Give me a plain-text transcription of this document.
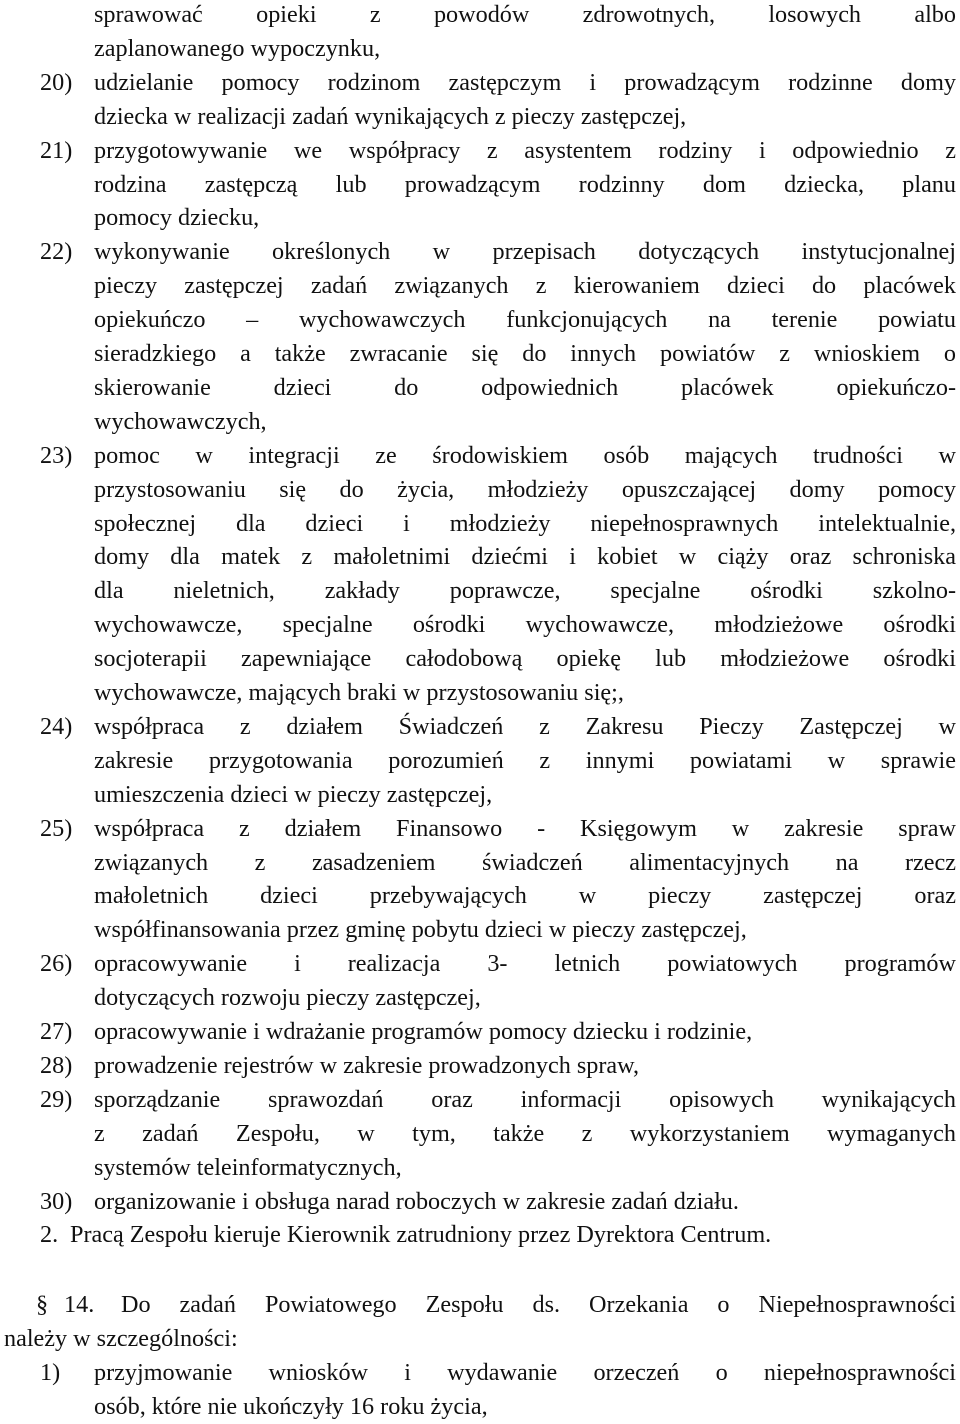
sprawować opieki z powodów zdrowotnych, losowych albo
zaplanowanego wypoczynku,
20) udzielanie pomocy rodzinom zastępczym i prowadzącym rodzinne domy
dziecka w realizacji zadań wynikających z pieczy zastępczej,
21) przygotowywanie we współpracy z asystentem rodziny i odpowiednio z
rodzina zastępczą lub prowadzącym rodzinny dom dziecka, planu
pomocy dziecku,
22) wykonywanie określonych w przepisach dotyczących instytucjonalnej
pieczy zastępczej zadań związanych z kierowaniem dzieci do placówek
opiekuńczo – wychowawczych funkcjonujących na terenie powiatu
sieradzkiego a także zwracanie się do innych powiatów z wnioskiem o
skierowanie dzieci do odpowiednich placówek opiekuńczo-
wychowawczych,
23) pomoc w integracji ze środowiskiem osób mających trudności w
przystosowaniu się do życia, młodzieży opuszczającej domy pomocy
społecznej dla dzieci i młodzieży niepełnosprawnych intelektualnie,
domy dla matek z małoletnimi dziećmi i kobiet w ciąży oraz schroniska
dla nieletnich, zakłady poprawcze, specjalne ośrodki szkolno-
wychowawcze, specjalne ośrodki wychowawcze, młodzieżowe ośrodki
socjoterapii zapewniające całodobową opiekę lub młodzieżowe ośrodki
wychowawcze, mających braki w przystosowaniu się;,
24) współpraca z działem Świadczeń z Zakresu Pieczy Zastępczej w
zakresie przygotowania porozumień z innymi powiatami w sprawie
umieszczenia dzieci w pieczy zastępczej,
25) współpraca z działem Finansowo - Księgowym w zakresie spraw
związanych z zasadzeniem świadczeń alimentacyjnych na rzecz
małoletnich dzieci przebywających w pieczy zastępczej oraz
współfinansowania przez gminę pobytu dzieci w pieczy zastępczej,
26) opracowywanie i realizacja 3- letnich powiatowych programów
dotyczących rozwoju pieczy zastępczej,
27) opracowywanie i wdrażanie programów pomocy dziecku i rodzinie,
28) prowadzenie rejestrów w zakresie prowadzonych spraw,
29) sporządzanie sprawozdań oraz informacji opisowych wynikających
z zadań Zespołu, w tym, także z wykorzystaniem wymaganych
systemów teleinformatycznych,
30) organizowanie i obsługa narad roboczych w zakresie zadań działu.
2. Pracą Zespołu kieruje Kierownik zatrudniony przez Dyrektora Centrum.
§ 14. Do zadań Powiatowego Zespołu ds. Orzekania o Niepełnosprawności
należy w szczególności:
1) przyjmowanie wniosków i wydawanie orzeczeń o niepełnosprawności
osób, które nie ukończyły 16 roku życia,
